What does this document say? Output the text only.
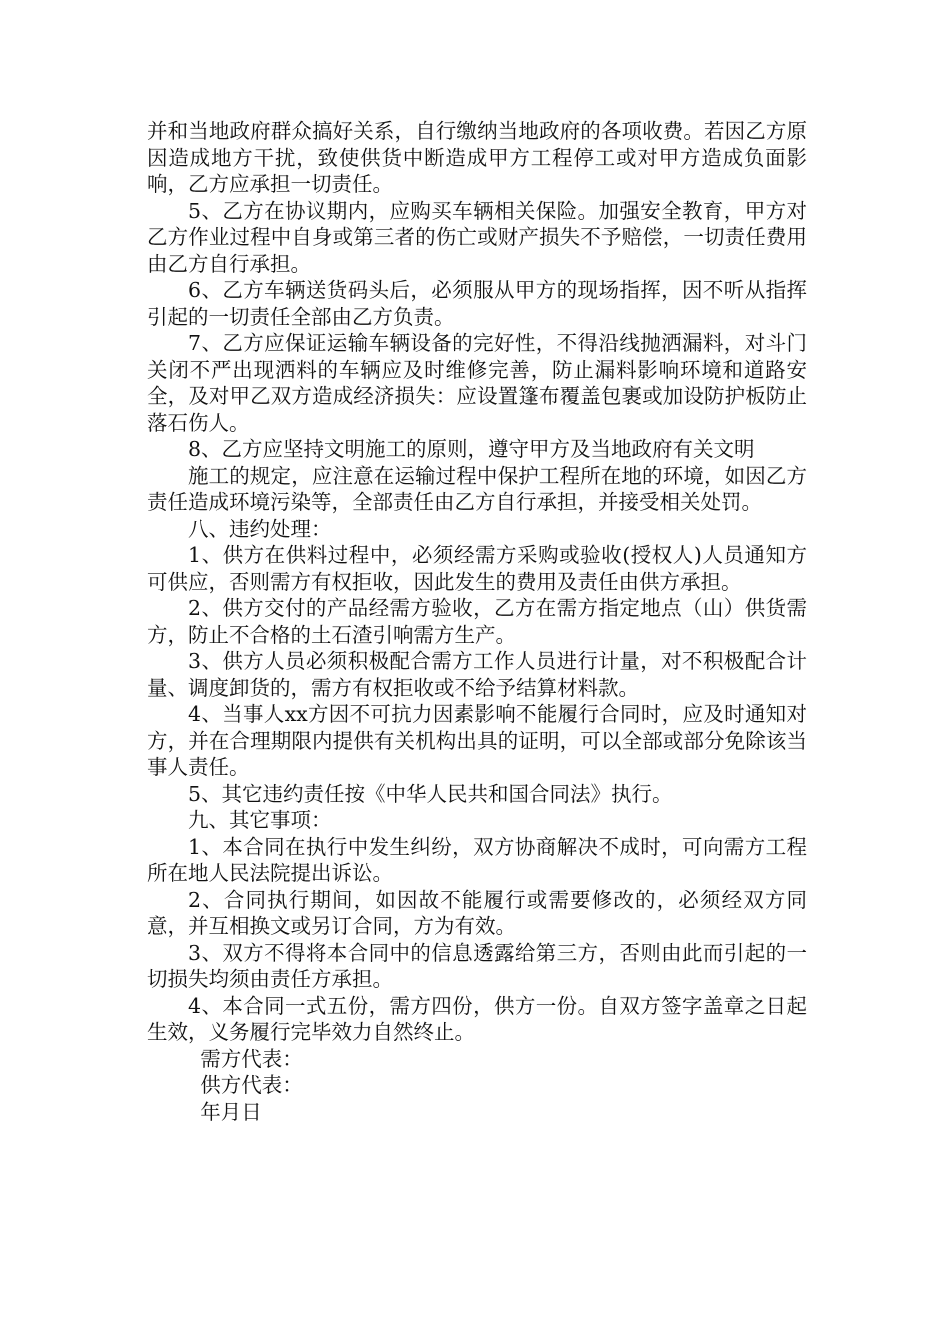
并和当地政府群众搞好关系，自行缴纳当地政府的各项收费。若因乙方原因造成地方干扰，致使供货中断造成甲方工程停工或对甲方造成负面影响，乙方应承担一切责任。

5、乙方在协议期内，应购买车辆相关保险。加强安全教育，甲方对乙方作业过程中自身或第三者的伤亡或财产损失不予赔偿，一切责任费用由乙方自行承担。

6、乙方车辆送货码头后，必须服从甲方的现场指挥，因不听从指挥引起的一切责任全部由乙方负责。

7、乙方应保证运输车辆设备的完好性，不得沿线抛洒漏料，对斗门关闭不严出现洒料的车辆应及时维修完善，防止漏料影响环境和道路安全，及对甲乙双方造成经济损失：应设置篷布覆盖包裹或加设防护板防止落石伤人。

8、乙方应坚持文明施工的原则，遵守甲方及当地政府有关文明

施工的规定，应注意在运输过程中保护工程所在地的环境，如因乙方责任造成环境污染等，全部责任由乙方自行承担，并接受相关处罚。

八、违约处理：

1、供方在供料过程中，必须经需方采购或验收(授权人)人员通知方可供应，否则需方有权拒收，因此发生的费用及责任由供方承担。

2、供方交付的产品经需方验收，乙方在需方指定地点（山）供货需方，防止不合格的土石渣引响需方生产。

3、供方人员必须积极配合需方工作人员进行计量，对不积极配合计量、调度卸货的，需方有权拒收或不给予结算材料款。

4、当事人xx方因不可抗力因素影响不能履行合同时，应及时通知对方，并在合理期限内提供有关机构出具的证明，可以全部或部分免除该当事人责任。

5、其它违约责任按《中华人民共和国合同法》执行。

九、其它事项：

1、本合同在执行中发生纠纷，双方协商解决不成时，可向需方工程所在地人民法院提出诉讼。

2、合同执行期间，如因故不能履行或需要修改的，必须经双方同意，并互相换文或另订合同，方为有效。

3、双方不得将本合同中的信息透露给第三方，否则由此而引起的一切损失均须由责任方承担。

4、本合同一式五份，需方四份，供方一份。自双方签字盖章之日起生效，义务履行完毕效力自然终止。

需方代表：

供方代表：

年月日
